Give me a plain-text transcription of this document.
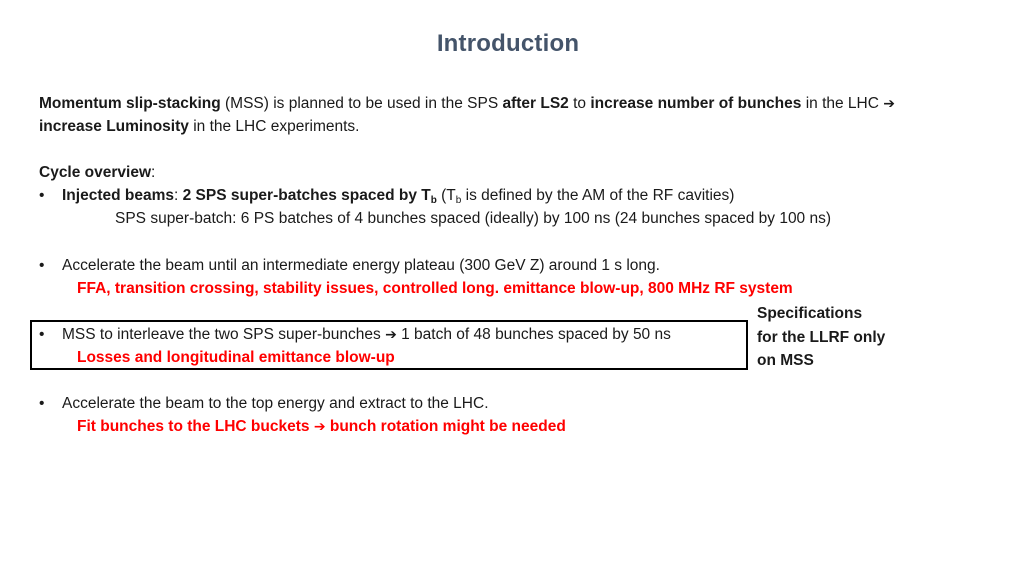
Introduction
Momentum slip-stacking (MSS) is planned to be used in the SPS after LS2 to increase number of bunches in the LHC ➔
increase Luminosity in the LHC experiments.
Cycle overview:
• Injected beams: 2 SPS super-batches spaced by $T_b$ ($T_b$ is defined by the AM of the RF cavities)
SPS super-batch: 6 PS batches of 4 bunches spaced (ideally) by 100 ns (24 bunches spaced by 100 ns)
• Accelerate the beam until an intermediate energy plateau (300 GeV Z) around 1 s long.
FFA, transition crossing, stability issues, controlled long. emittance blow-up, 800 MHz RF system
• MSS to interleave the two SPS super-bunches ➔ 1 batch of 48 bunches spaced by 50 ns
Losses and longitudinal emittance blow-up
Specifications
for the LLRF only
on MSS
• Accelerate the beam to the top energy and extract to the LHC.
Fit bunches to the LHC buckets ➔ bunch rotation might be needed
